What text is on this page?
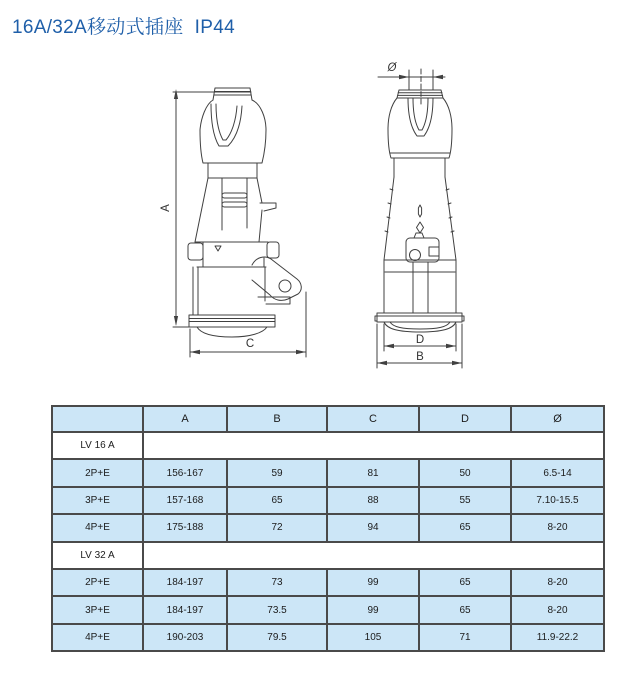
16A/32A移动式插座  IP44
A
C
Ø
D
B
	A	B	C	D	Ø
LV 16 A					
2P+E	156-167	59	81	50	6.5-14
3P+E	157-168	65	88	55	7.10-15.5
4P+E	175-188	72	94	65	8-20
LV 32 A					
2P+E	184-197	73	99	65	8-20
3P+E	184-197	73.5	99	65	8-20
4P+E	190-203	79.5	105	71	11.9-22.2
